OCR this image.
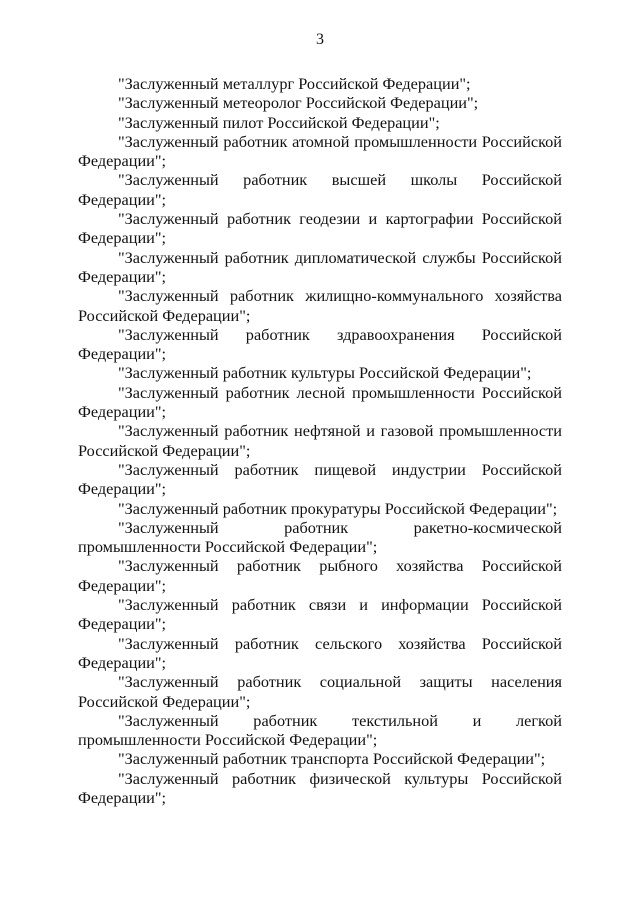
3

"Заслуженный металлург Российской Федерации";

"Заслуженный метеоролог Российской Федерации";

"Заслуженный пилот Российской Федерации";

"Заслуженный работник атомной промышленности Российской Федерации";

"Заслуженный работник высшей школы Российской Федерации";

"Заслуженный работник геодезии и картографии Российской Федерации";

"Заслуженный работник дипломатической службы Российской Федерации";

"Заслуженный работник жилищно-коммунального хозяйства Российской Федерации";

"Заслуженный работник здравоохранения Российской Федерации";

"Заслуженный работник культуры Российской Федерации";

"Заслуженный работник лесной промышленности Российской Федерации";

"Заслуженный работник нефтяной и газовой промышленности Российской Федерации";

"Заслуженный работник пищевой индустрии Российской Федерации";

"Заслуженный работник прокуратуры Российской Федерации";

"Заслуженный работник ракетно-космической промышленности Российской Федерации";

"Заслуженный работник рыбного хозяйства Российской Федерации";

"Заслуженный работник связи и информации Российской Федерации";

"Заслуженный работник сельского хозяйства Российской Федерации";

"Заслуженный работник социальной защиты населения Российской Федерации";

"Заслуженный работник текстильной и легкой промышленности Российской Федерации";

"Заслуженный работник транспорта Российской Федерации";

"Заслуженный работник физической культуры Российской Федерации";
